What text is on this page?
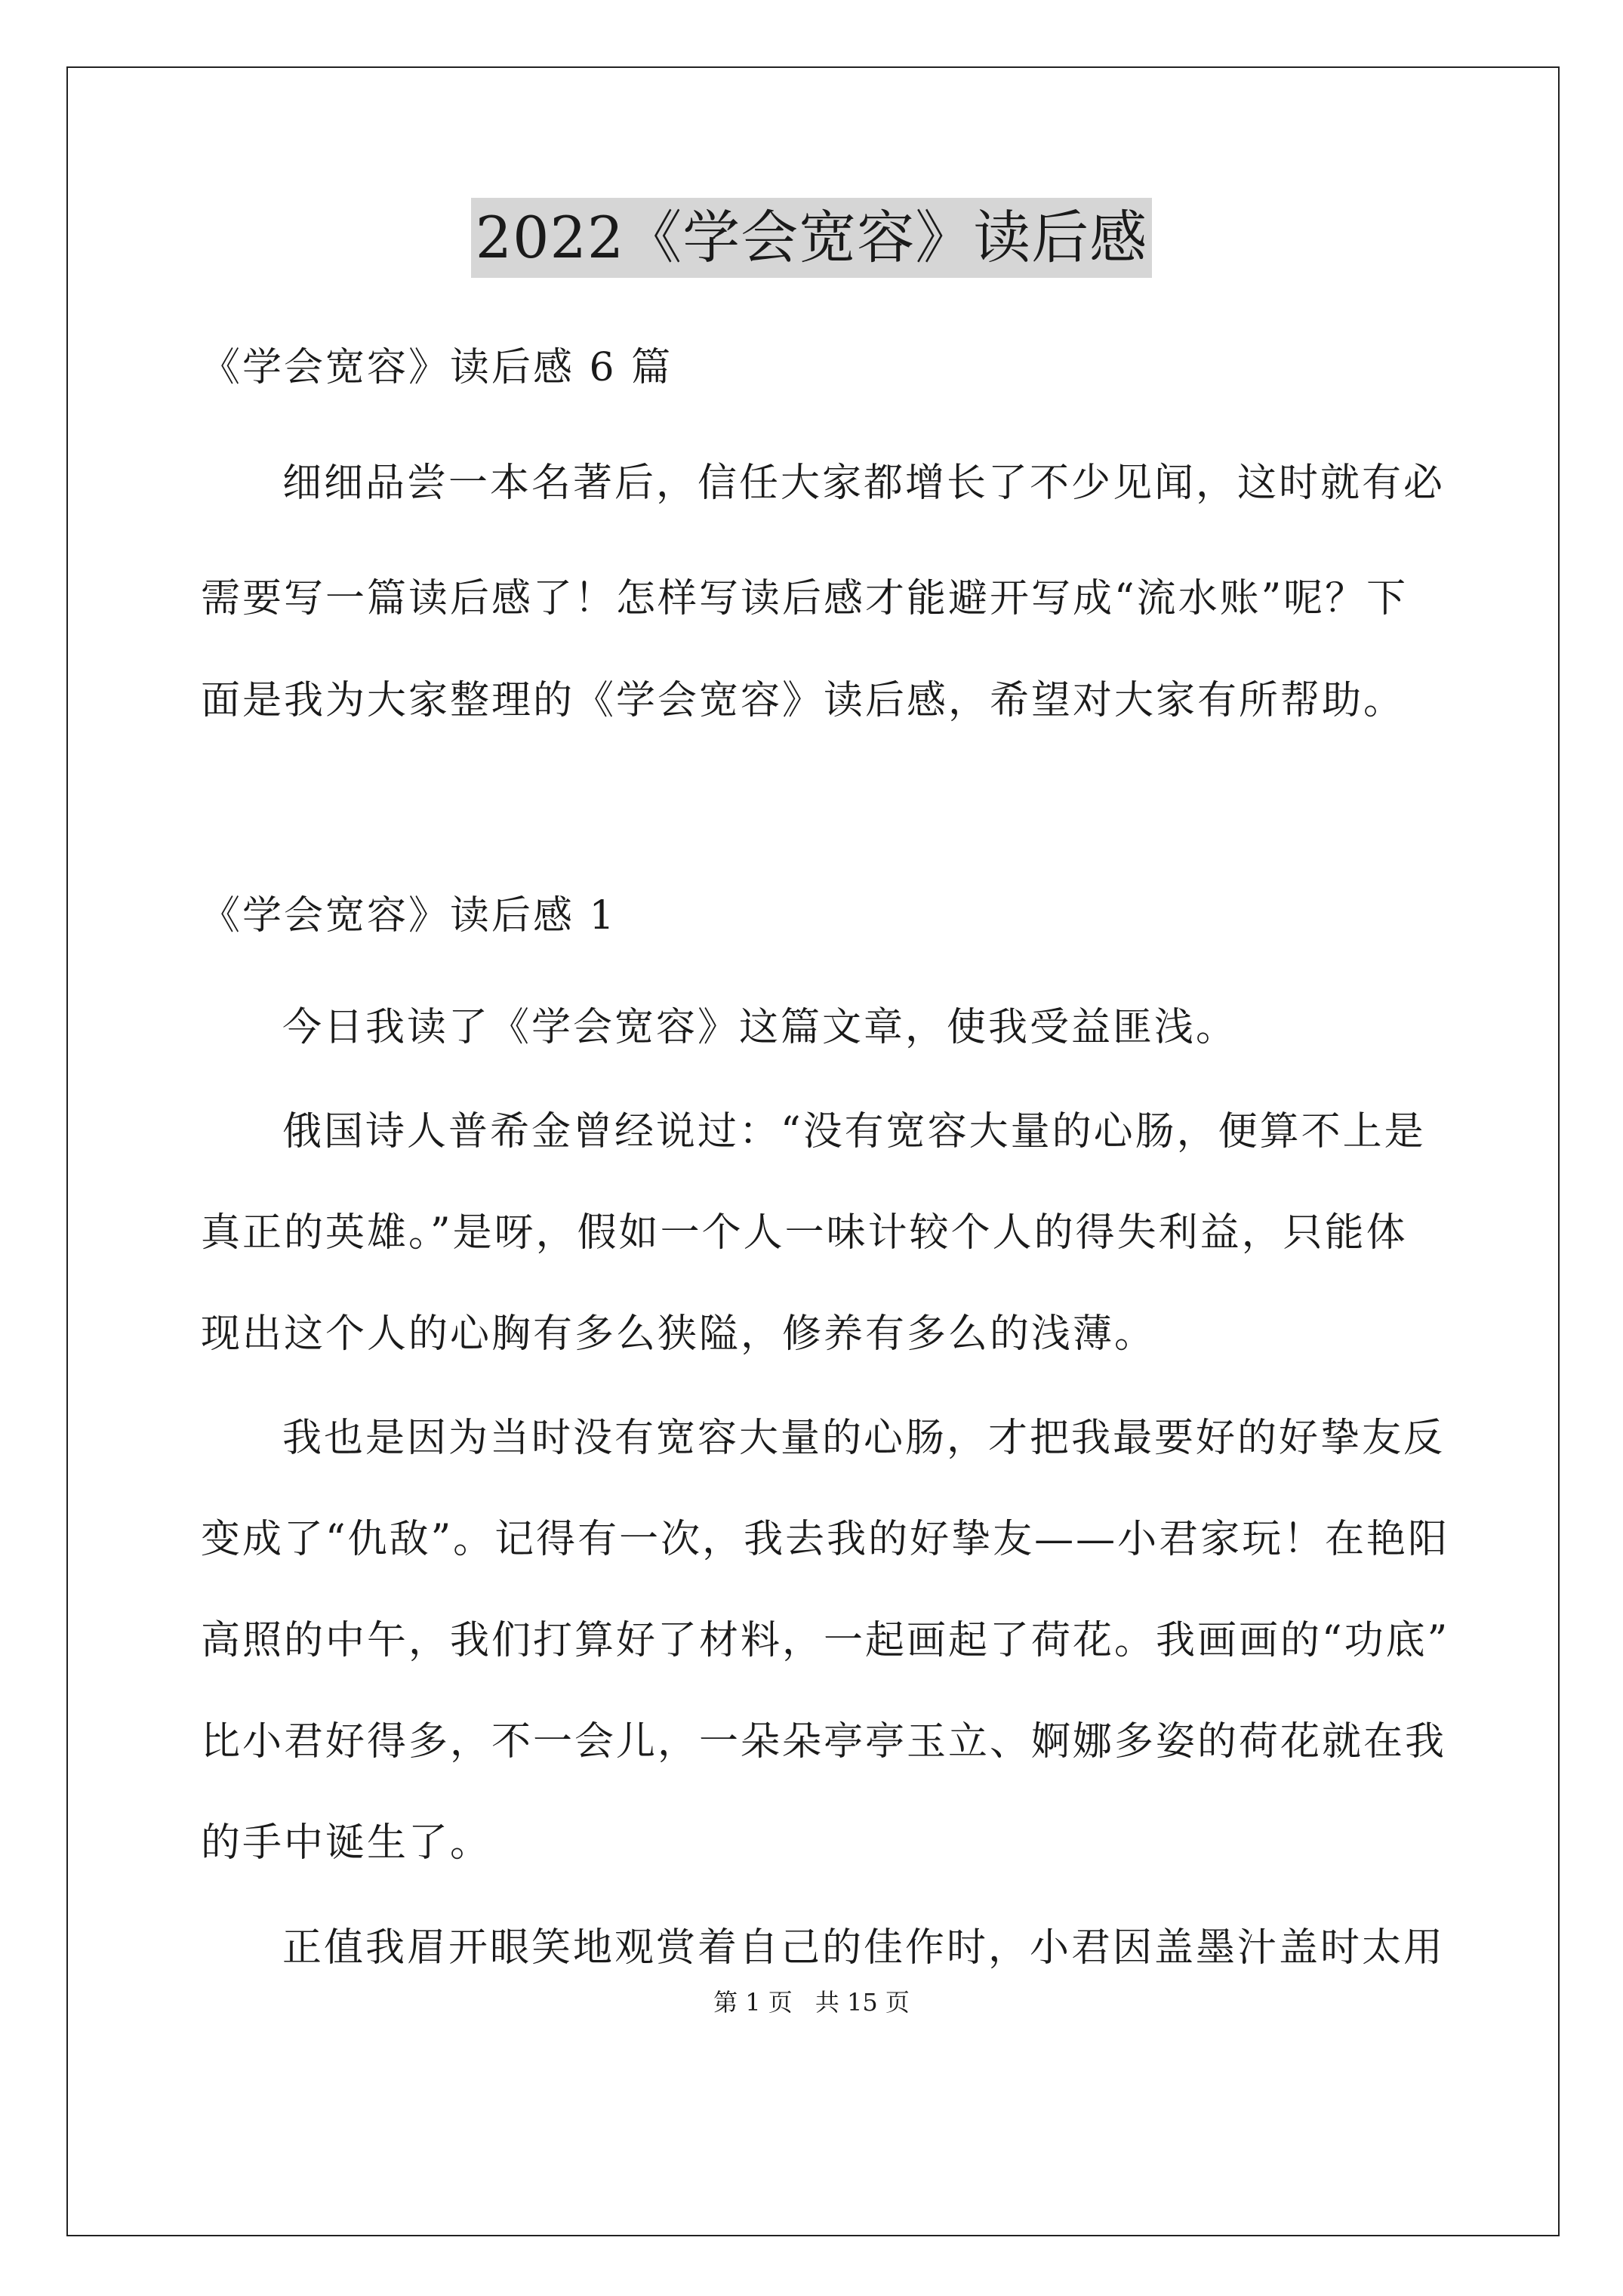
2022《学会宽容》读后感
《学会宽容》读后感 6 篇
细细品尝一本名著后，信任大家都增长了不少见闻，这时就有必
需要写一篇读后感了！怎样写读后感才能避开写成“流水账”呢？下
面是我为大家整理的《学会宽容》读后感，希望对大家有所帮助。
《学会宽容》读后感 1
今日我读了《学会宽容》这篇文章，使我受益匪浅。
俄国诗人普希金曾经说过：“没有宽容大量的心肠，便算不上是
真正的英雄。”是呀，假如一个人一味计较个人的得失利益，只能体
现出这个人的心胸有多么狭隘，修养有多么的浅薄。
我也是因为当时没有宽容大量的心肠，才把我最要好的好挚友反
变成了“仇敌”。记得有一次，我去我的好挚友——小君家玩！在艳阳
高照的中午，我们打算好了材料，一起画起了荷花。我画画的“功底”
比小君好得多，不一会儿，一朵朵亭亭玉立、婀娜多姿的荷花就在我
的手中诞生了。
正值我眉开眼笑地观赏着自己的佳作时，小君因盖墨汁盖时太用
第 1 页 共 15 页
